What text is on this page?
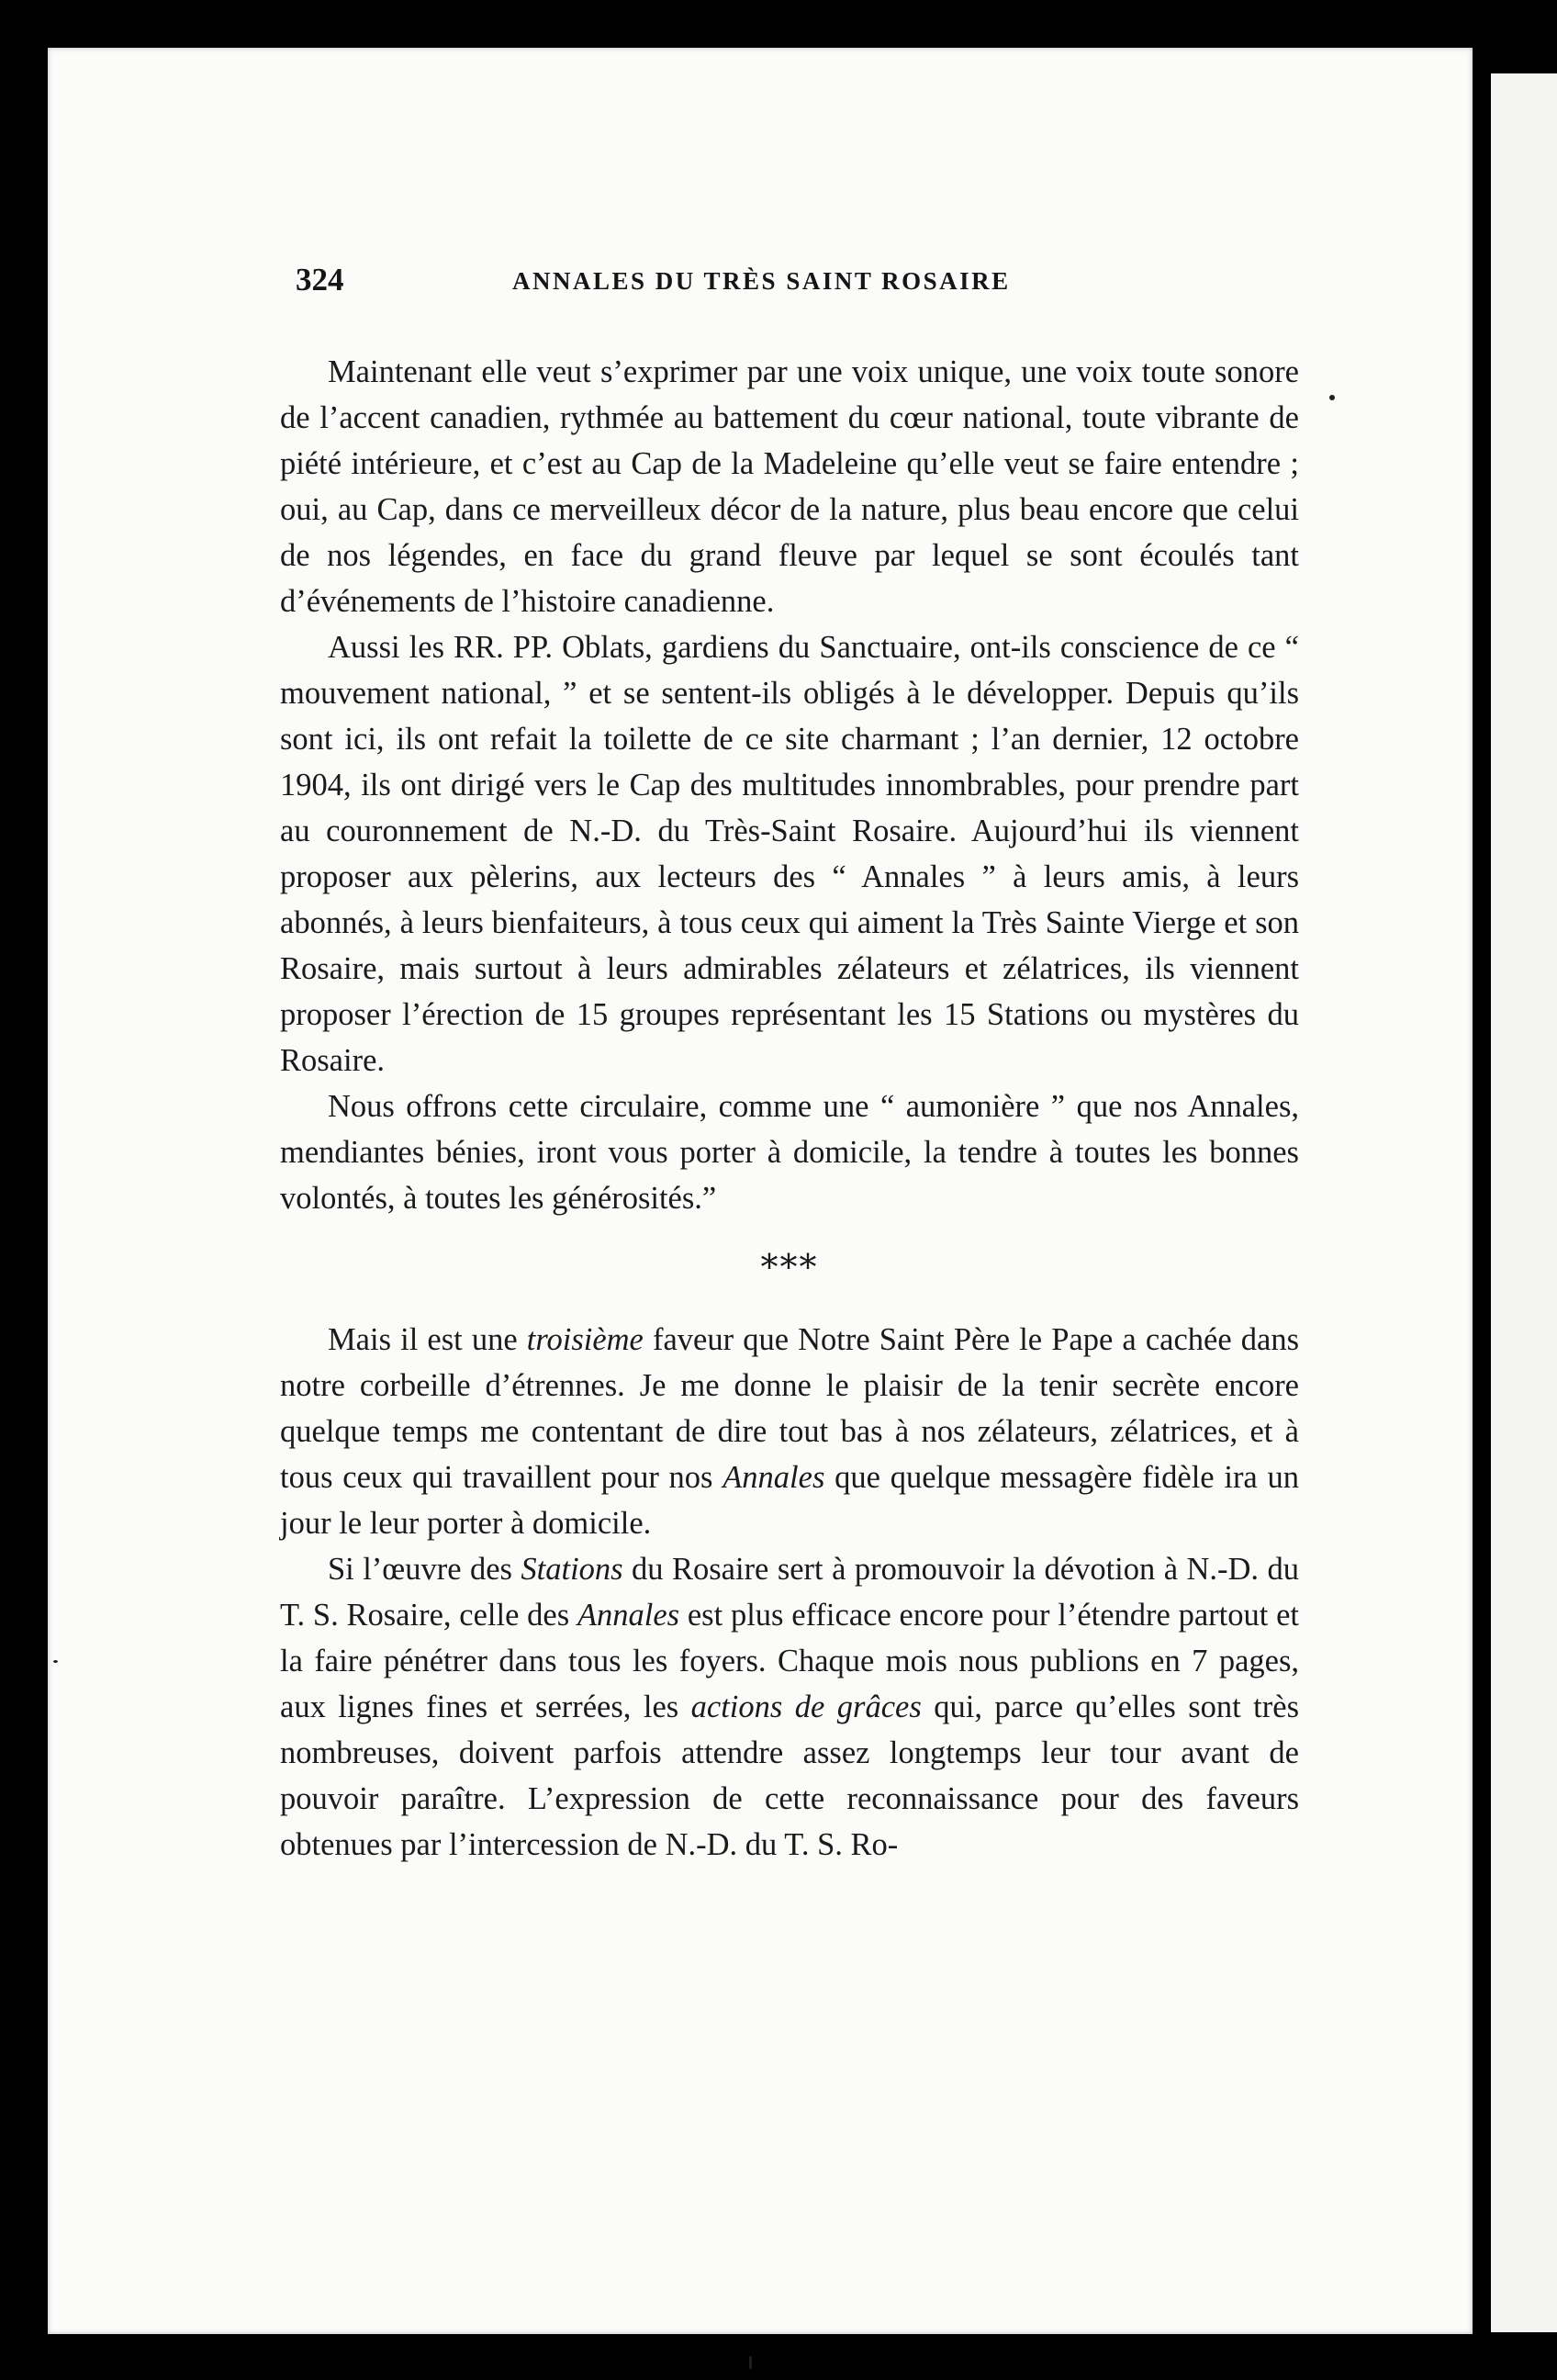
324	ANNALES DU TRÈS SAINT ROSAIRE

Maintenant elle veut s’exprimer par une voix unique, une voix toute sonore de l’accent canadien, rythmée au battement du cœur national, toute vibrante de piété intérieure, et c’est au Cap de la Madeleine qu’elle veut se faire entendre ; oui, au Cap, dans ce merveilleux décor de la nature, plus beau encore que celui de nos légendes, en face du grand fleuve par lequel se sont écoulés tant d’événements de l’histoire canadienne.

Aussi les RR. PP. Oblats, gardiens du Sanctuaire, ont-ils conscience de ce “ mouvement national, ” et se sentent-ils obligés à le développer. Depuis qu’ils sont ici, ils ont refait la toilette de ce site charmant ; l’an dernier, 12 octobre 1904, ils ont dirigé vers le Cap des multitudes innombrables, pour prendre part au couronnement de N.-D. du Très-Saint Rosaire. Aujourd’hui ils viennent proposer aux pèlerins, aux lecteurs des “ Annales ” à leurs amis, à leurs abonnés, à leurs bienfaiteurs, à tous ceux qui aiment la Très Sainte Vierge et son Rosaire, mais surtout à leurs admirables zélateurs et zélatrices, ils viennent proposer l’érection de 15 groupes représentant les 15 Stations ou mystères du Rosaire.

Nous offrons cette circulaire, comme une “ aumonière ” que nos Annales, mendiantes bénies, iront vous porter à domicile, la tendre à toutes les bonnes volontés, à toutes les générosités.”

***

Mais il est une troisième faveur que Notre Saint Père le Pape a cachée dans notre corbeille d’étrennes. Je me donne le plaisir de la tenir secrète encore quelque temps me contentant de dire tout bas à nos zélateurs, zélatrices, et à tous ceux qui travaillent pour nos Annales que quelque messagère fidèle ira un jour le leur porter à domicile.

Si l’œuvre des Stations du Rosaire sert à promouvoir la dévotion à N.-D. du T. S. Rosaire, celle des Annales est plus efficace encore pour l’étendre partout et la faire pénétrer dans tous les foyers. Chaque mois nous publions en 7 pages, aux lignes fines et serrées, les actions de grâces qui, parce qu’elles sont très nombreuses, doivent parfois attendre assez longtemps leur tour avant de pouvoir paraître. L’expression de cette reconnaissance pour des faveurs obtenues par l’intercession de N.-D. du T. S. Ro-
